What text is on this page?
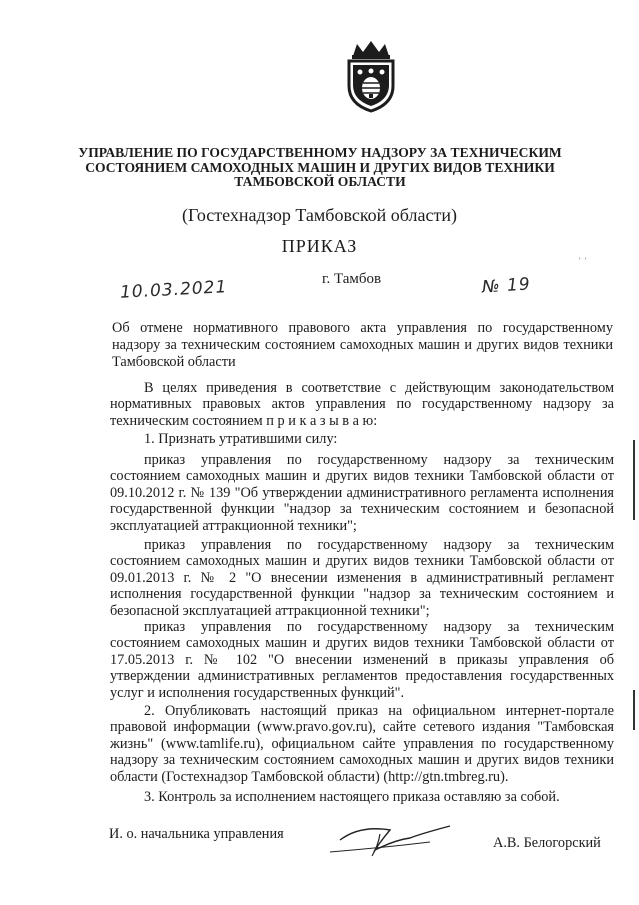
УПРАВЛЕНИЕ ПО ГОСУДАРСТВЕННОМУ НАДЗОРУ ЗА ТЕХНИЧЕСКИМ СОСТОЯНИЕМ САМОХОДНЫХ МАШИН И ДРУГИХ ВИДОВ ТЕХНИКИ ТАМБОВСКОЙ ОБЛАСТИ
(Гостехнадзор Тамбовской области)
ПРИКАЗ
г. Тамбов
10.03.2021	№ 19
˒ ˓
Об отмене нормативного правового акта управления по государственному надзору за техническим состоянием самоходных машин и других видов техники Тамбовской области

В целях приведения в соответствие с действующим законодательством нормативных правовых актов управления по государственному надзору за техническим состоянием п р и к а з ы в а ю:

1. Признать утратившими силу:

приказ управления по государственному надзору за техническим состоянием самоходных машин и других видов техники Тамбовской области от 09.10.2012 г. № 139 "Об утверждении административного регламента исполнения государственной функции "надзор за техническим состоянием и безопасной эксплуатацией аттракционной техники";

приказ управления по государственному надзору за техническим состоянием самоходных машин и других видов техники Тамбовской области от 09.01.2013 г. № 2 "О внесении изменения в административный регламент исполнения государственной функции "надзор за техническим состоянием и безопасной эксплуатацией аттракционной техники";

приказ управления по государственному надзору за техническим состоянием самоходных машин и других видов техники Тамбовской области от 17.05.2013 г. № 102 "О внесении изменений в приказы управления об утверждении административных регламентов предоставления государственных услуг и исполнения государственных функций".

2. Опубликовать настоящий приказ на официальном интернет-портале правовой информации (www.pravo.gov.ru), сайте сетевого издания "Тамбовская жизнь" (www.tamlife.ru), официальном сайте управления по государственному надзору за техническим состоянием самоходных машин и других видов техники области (Гостехнадзор Тамбовской области) (http://gtn.tmbreg.ru).

3. Контроль за исполнением настоящего приказа оставляю за собой.

И. о. начальника управления
А.В. Белогорский
